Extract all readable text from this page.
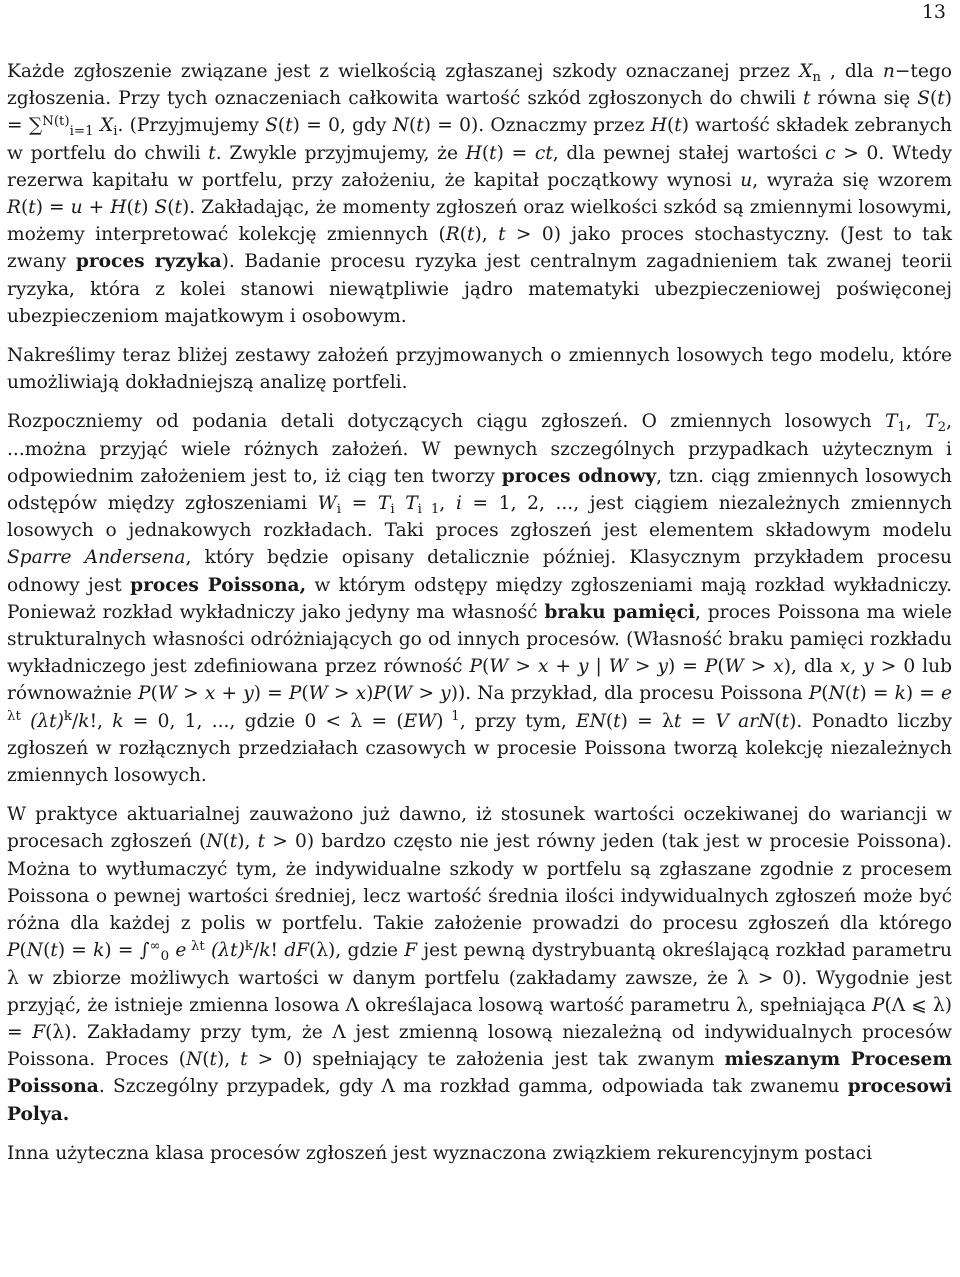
13

Każde zgłoszenie związane jest z wielkością zgłaszanej szkody oznaczanej przez $X_n$ , dla n−tego zgłoszenia. Przy tych oznaczeniach całkowita wartość szkód zgłoszonych do chwili t równa się S(t) = ∑$^{N(t)}_{i=1}$ $X_i$. (Przyjmujemy S(t) = 0, gdy N(t) = 0). Oznaczmy przez H(t) wartość składek zebranych w portfelu do chwili t. Zwykle przyjmujemy, że H(t) = ct, dla pewnej stałej wartości c > 0. Wtedy rezerwa kapitału w portfelu, przy założeniu, że kapitał początkowy wynosi u, wyraża się wzorem R(t) = u + H(t) S(t). Zakładając, że momenty zgłoszeń oraz wielkości szkód są zmiennymi losowymi, możemy interpretować kolekcję zmiennych (R(t), t > 0) jako proces stochastyczny. (Jest to tak zwany proces ryzyka). Badanie procesu ryzyka jest centralnym zagadnieniem tak zwanej teorii ryzyka, która z kolei stanowi niewątpliwie jądro matematyki ubezpieczeniowej poświęconej ubezpieczeniom majatkowym i osobowym.

Nakreślimy teraz bliżej zestawy założeń przyjmowanych o zmiennych losowych tego modelu, które umożliwiają dokładniejszą analizę portfeli.

Rozpoczniemy od podania detali dotyczących ciągu zgłoszeń. O zmiennych losowych $T_1$, $T_2$, ...można przyjąć wiele różnych założeń. W pewnych szczególnych przypadkach użytecznym i odpowiednim założeniem jest to, iż ciąg ten tworzy proces odnowy, tzn. ciąg zmiennych losowych odstępów między zgłoszeniami $W_i = T_i$ $T_{i 1}$, i = 1, 2, ..., jest ciągiem niezależnych zmiennych losowych o jednakowych rozkładach. Taki proces zgłoszeń jest elementem składowym modelu Sparre Andersena, który będzie opisany detalicznie później. Klasycznym przykładem procesu odnowy jest proces Poissona, w którym odstępy między zgłoszeniami mają rozkład wykładniczy. Ponieważ rozkład wykładniczy jako jedyny ma własność braku pamięci, proces Poissona ma wiele strukturalnych własności odróżniających go od innych procesów. (Własność braku pamięci rozkładu wykładniczego jest zdefiniowana przez równość P(W > x + y | W > y) = P(W > x), dla x, y > 0 lub równoważnie P(W > x + y) = P(W > x)P(W > y)). Na przykład, dla procesu Poissona P(N(t) = k) = e $^{\lambda t}$ $(\lambda t)^k/k$!, k = 0, 1, ..., gdzie 0 < λ = (EW) $^1$, przy tym, EN(t) = λt = V arN(t). Ponadto liczby zgłoszeń w rozłącznych przedziałach czasowych w procesie Poissona tworzą kolekcję niezależnych zmiennych losowych.

W praktyce aktuarialnej zauważono już dawno, iż stosunek wartości oczekiwanej do wariancji w procesach zgłoszeń (N(t), t > 0) bardzo często nie jest równy jeden (tak jest w procesie Poissona). Można to wytłumaczyć tym, że indywidualne szkody w portfelu są zgłaszane zgodnie z procesem Poissona o pewnej wartości średniej, lecz wartość średnia ilości indywidualnych zgłoszeń może być różna dla każdej z polis w portfelu. Takie założenie prowadzi do procesu zgłoszeń dla którego $P(N(t) = k) = \int^\infty_0$ e $^{\lambda t}$ $(\lambda t)^k/k$! dF(λ), gdzie F jest pewną dystrybuantą określającą rozkład parametru λ w zbiorze możliwych wartości w danym portfelu (zakładamy zawsze, że λ > 0). Wygodnie jest przyjąć, że istnieje zmienna losowa Λ określajaca losową wartość parametru λ, spełniająca P(Λ ⩽ λ) = F(λ). Zakładamy przy tym, że Λ jest zmienną losową niezależną od indywidualnych procesów Poissona. Proces (N(t), t > 0) spełniający te założenia jest tak zwanym mieszanym Procesem Poissona. Szczególny przypadek, gdy Λ ma rozkład gamma, odpowiada tak zwanemu procesowi Polya.

Inna użyteczna klasa procesów zgłoszeń jest wyznaczona związkiem rekurencyjnym postaci
